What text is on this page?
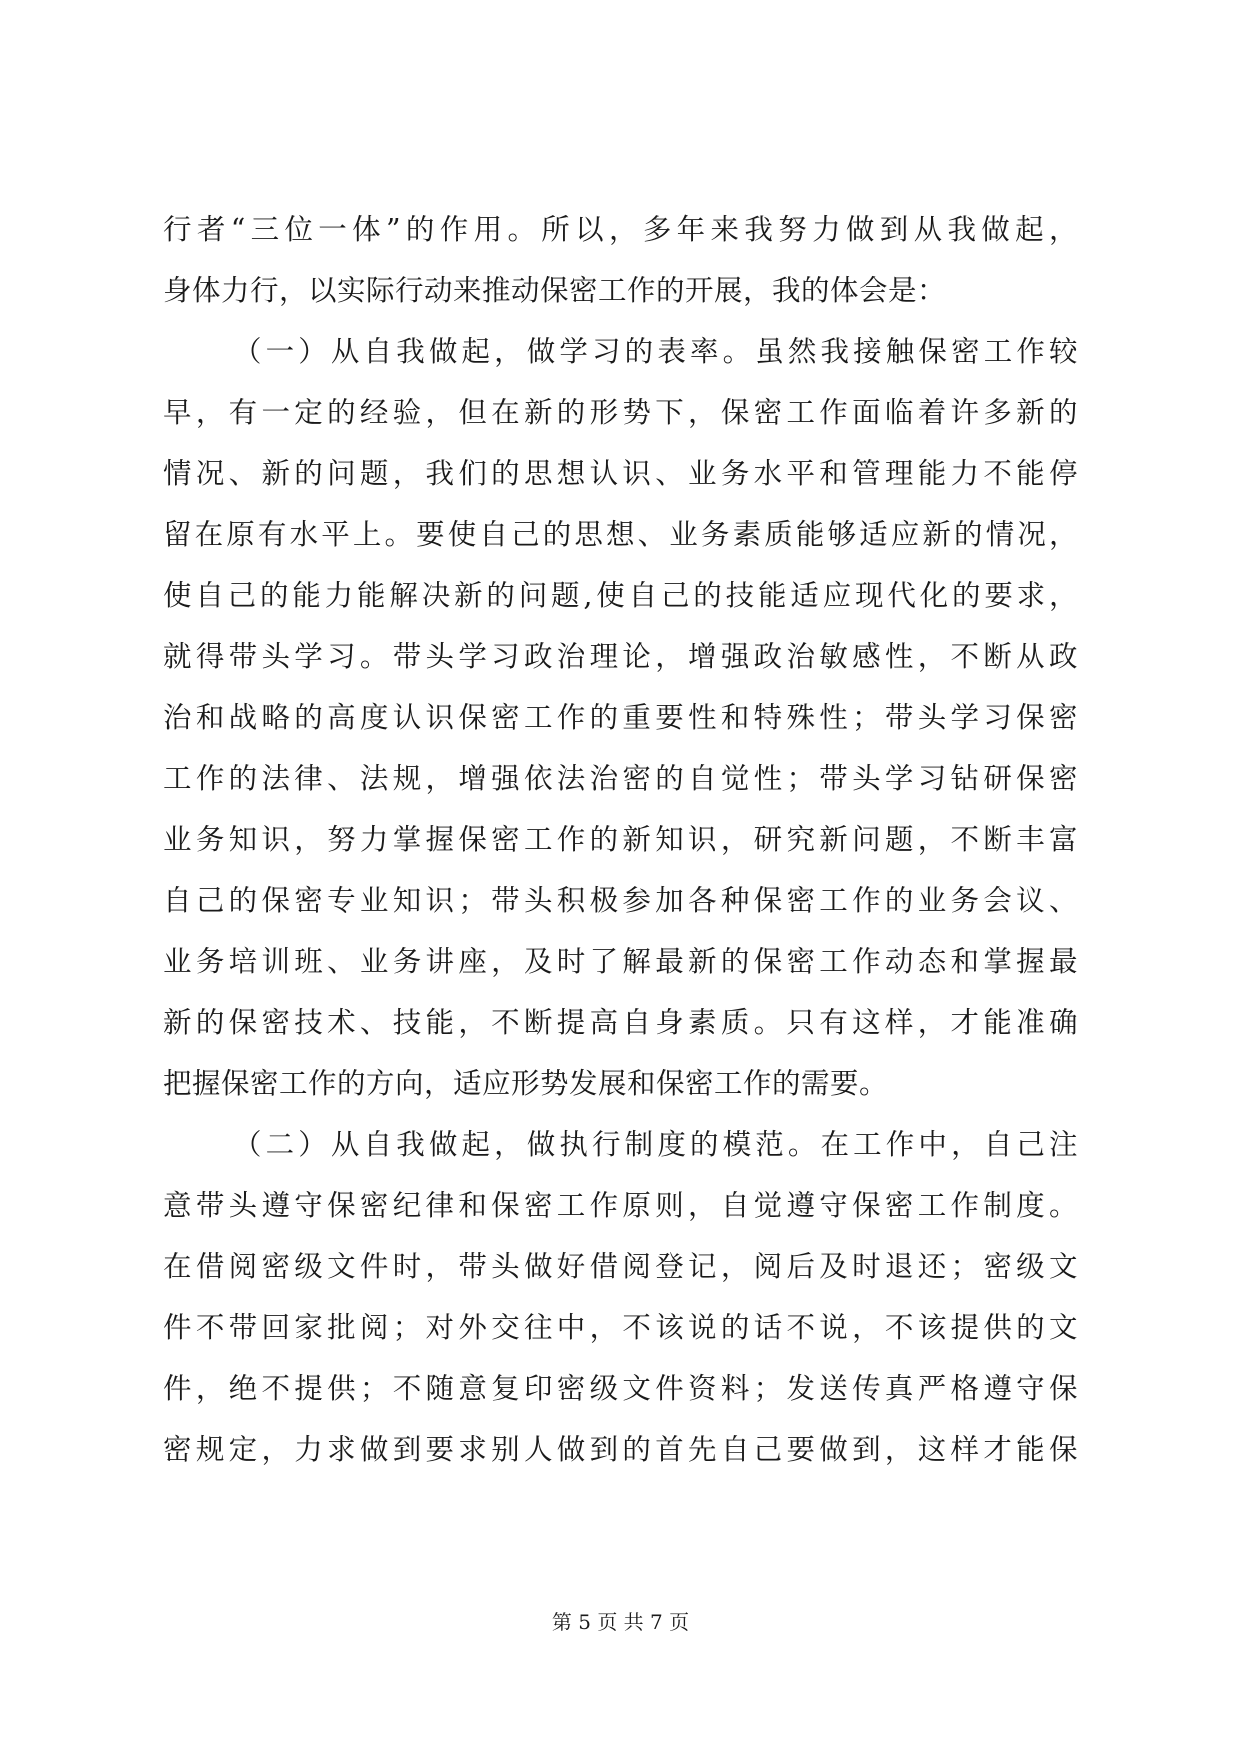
行者“三位一体”的作用。所以，多年来我努力做到从我做起，
身体力行，以实际行动来推动保密工作的开展，我的体会是：
（一）从自我做起，做学习的表率。虽然我接触保密工作较
早，有一定的经验，但在新的形势下，保密工作面临着许多新的
情况、新的问题，我们的思想认识、业务水平和管理能力不能停
留在原有水平上。要使自己的思想、业务素质能够适应新的情况，
使自己的能力能解决新的问题,使自己的技能适应现代化的要求，
就得带头学习。带头学习政治理论，增强政治敏感性，不断从政
治和战略的高度认识保密工作的重要性和特殊性；带头学习保密
工作的法律、法规，增强依法治密的自觉性；带头学习钻研保密
业务知识，努力掌握保密工作的新知识，研究新问题，不断丰富
自己的保密专业知识；带头积极参加各种保密工作的业务会议、
业务培训班、业务讲座，及时了解最新的保密工作动态和掌握最
新的保密技术、技能，不断提高自身素质。只有这样，才能准确
把握保密工作的方向，适应形势发展和保密工作的需要。
（二）从自我做起，做执行制度的模范。在工作中，自己注
意带头遵守保密纪律和保密工作原则，自觉遵守保密工作制度。
在借阅密级文件时，带头做好借阅登记，阅后及时退还；密级文
件不带回家批阅；对外交往中，不该说的话不说，不该提供的文
件，绝不提供；不随意复印密级文件资料；发送传真严格遵守保
密规定，力求做到要求别人做到的首先自己要做到，这样才能保
第 5 页 共 7 页
